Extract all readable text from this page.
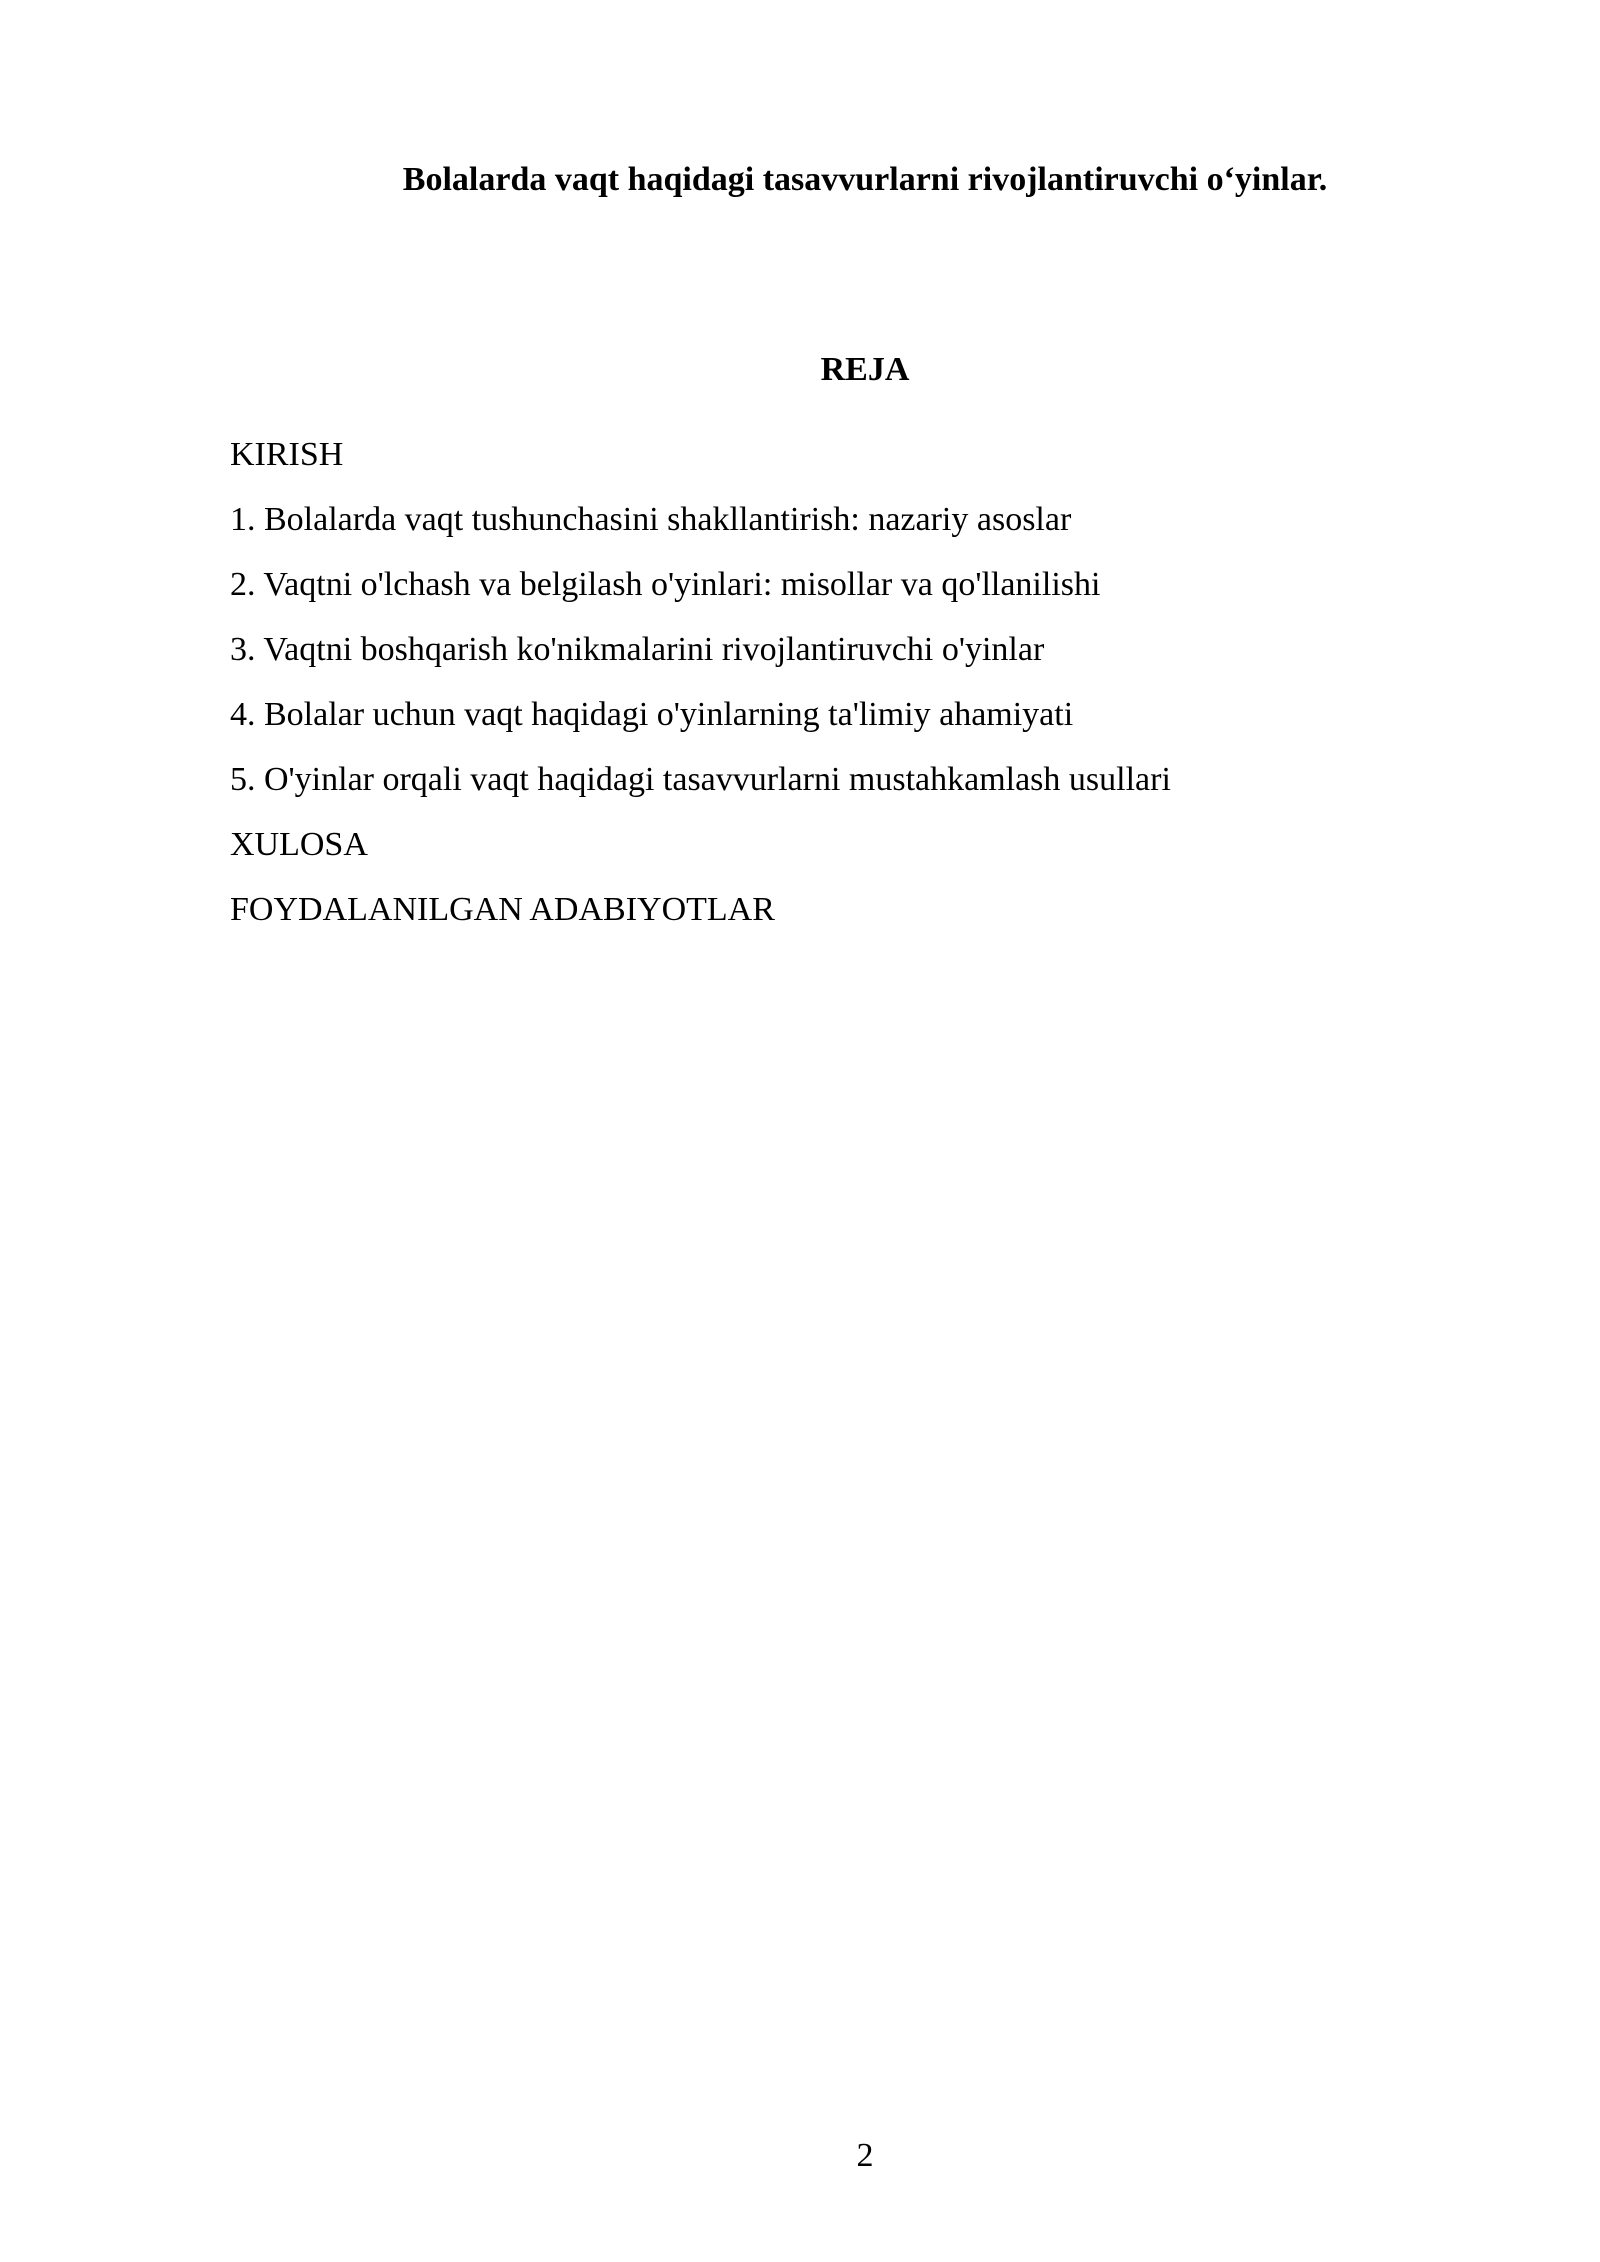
Bolalarda vaqt haqidagi tasavvurlarni rivojlantiruvchi o‘yinlar.
REJA
KIRISH
1. Bolalarda vaqt tushunchasini shakllantirish: nazariy asoslar
2. Vaqtni o'lchash va belgilash o'yinlari: misollar va qo'llanilishi
3. Vaqtni boshqarish ko'nikmalarini rivojlantiruvchi o'yinlar
4. Bolalar uchun vaqt haqidagi o'yinlarning ta'limiy ahamiyati
5. O'yinlar orqali vaqt haqidagi tasavvurlarni mustahkamlash usullari
XULOSA
FOYDALANILGAN ADABIYOTLAR
2
